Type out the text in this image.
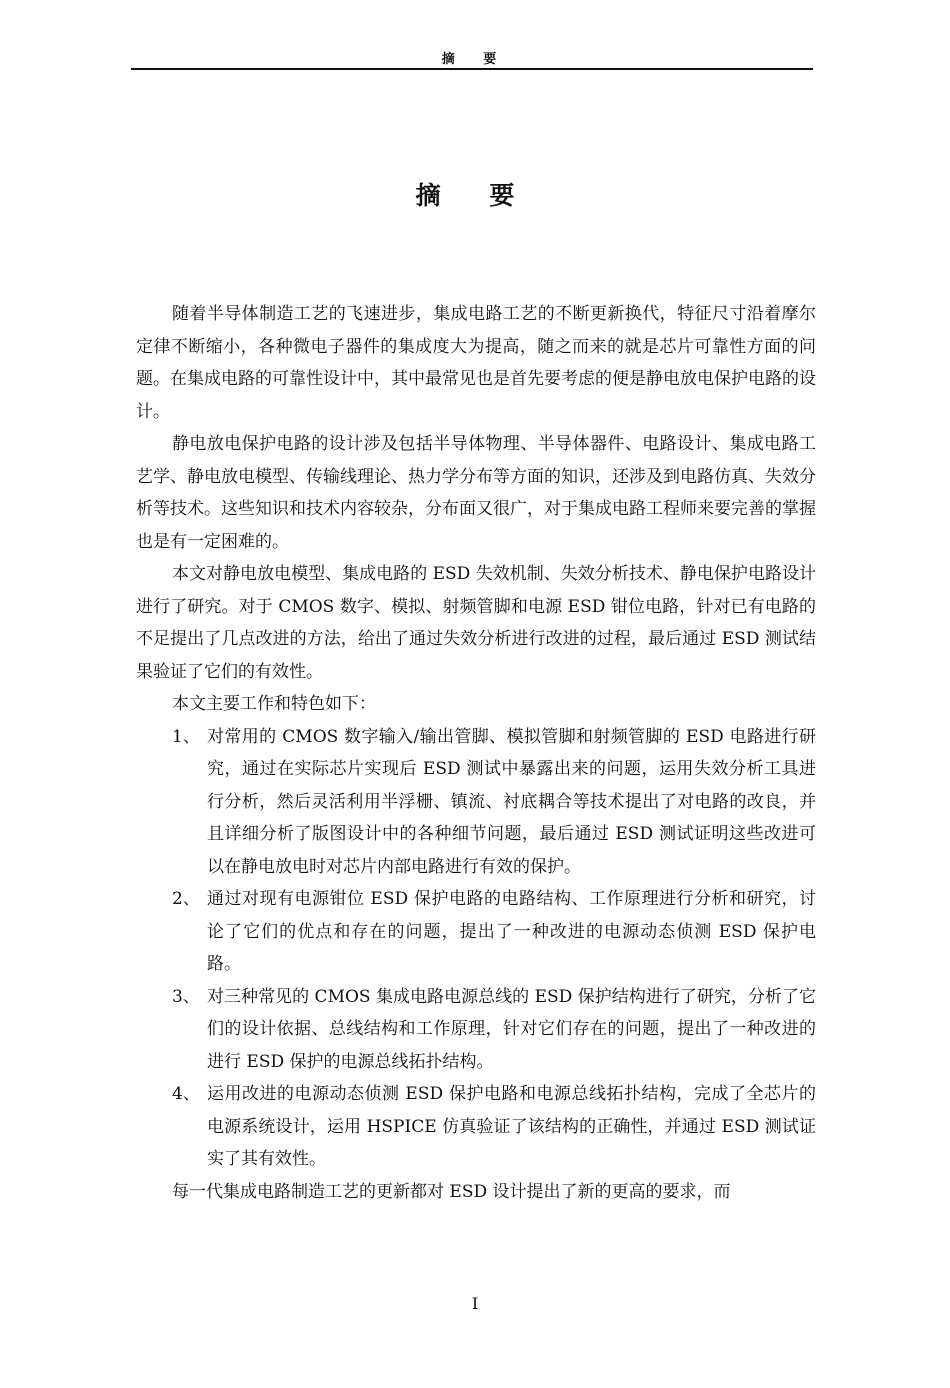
摘 要
摘 要

随着半导体制造工艺的飞速进步，集成电路工艺的不断更新换代，特征尺寸沿着摩尔定律不断缩小，各种微电子器件的集成度大为提高，随之而来的就是芯片可靠性方面的问题。在集成电路的可靠性设计中，其中最常见也是首先要考虑的便是静电放电保护电路的设计。

静电放电保护电路的设计涉及包括半导体物理、半导体器件、电路设计、集成电路工艺学、静电放电模型、传输线理论、热力学分布等方面的知识，还涉及到电路仿真、失效分析等技术。这些知识和技术内容较杂，分布面又很广，对于集成电路工程师来要完善的掌握也是有一定困难的。

本文对静电放电模型、集成电路的 ESD 失效机制、失效分析技术、静电保护电路设计进行了研究。对于 CMOS 数字、模拟、射频管脚和电源 ESD 钳位电路，针对已有电路的不足提出了几点改进的方法，给出了通过失效分析进行改进的过程，最后通过 ESD 测试结果验证了它们的有效性。

本文主要工作和特色如下：

1、 对常用的 CMOS 数字输入/输出管脚、模拟管脚和射频管脚的 ESD 电路进行研究，通过在实际芯片实现后 ESD 测试中暴露出来的问题，运用失效分析工具进行分析，然后灵活利用半浮栅、镇流、衬底耦合等技术提出了对电路的改良，并且详细分析了版图设计中的各种细节问题，最后通过 ESD 测试证明这些改进可以在静电放电时对芯片内部电路进行有效的保护。
2、 通过对现有电源钳位 ESD 保护电路的电路结构、工作原理进行分析和研究，讨论了它们的优点和存在的问题，提出了一种改进的电源动态侦测 ESD 保护电路。
3、 对三种常见的 CMOS 集成电路电源总线的 ESD 保护结构进行了研究，分析了它们的设计依据、总线结构和工作原理，针对它们存在的问题，提出了一种改进的进行 ESD 保护的电源总线拓扑结构。
4、 运用改进的电源动态侦测 ESD 保护电路和电源总线拓扑结构，完成了全芯片的电源系统设计，运用 HSPICE 仿真验证了该结构的正确性，并通过 ESD 测试证实了其有效性。

每一代集成电路制造工艺的更新都对 ESD 设计提出了新的更高的要求，而

I
